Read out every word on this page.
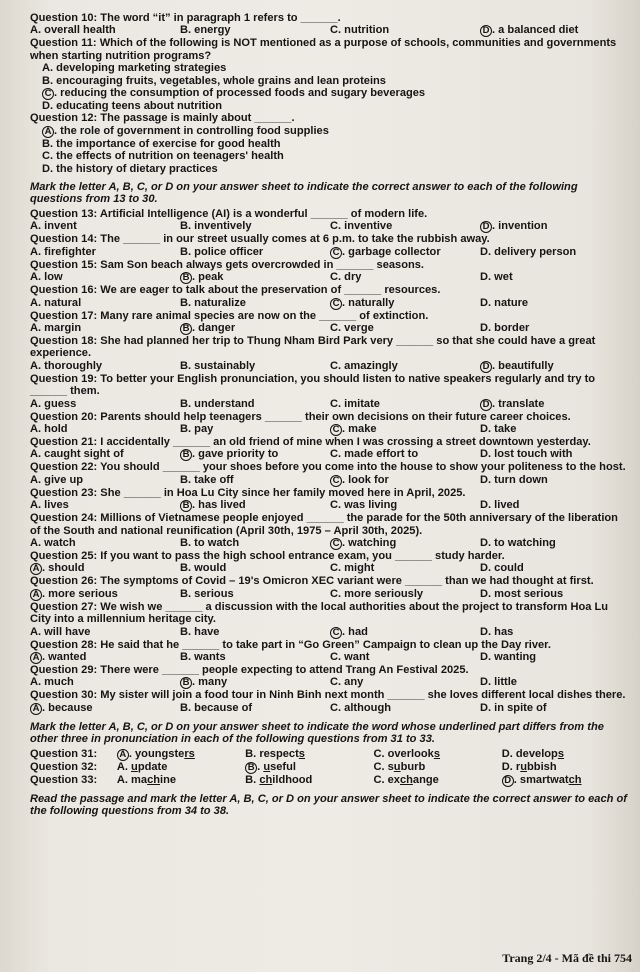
Question 10: The word “it” in paragraph 1 refers to ______.
A. overall health	B. energy	C. nutrition	D . a balanced diet
Question 11: Which of the following is NOT mentioned as a purpose of schools, communities and governments when starting nutrition programs?
A. developing marketing strategies
B. encouraging fruits, vegetables, whole grains and lean proteins
C . reducing the consumption of processed foods and sugary beverages
D. educating teens about nutrition
Question 12: The passage is mainly about ______.
A . the role of government in controlling food supplies
B. the importance of exercise for good health
C. the effects of nutrition on teenagers' health
D. the history of dietary practices
Mark the letter A, B, C, or D on your answer sheet to indicate the correct answer to each of the following questions from 13 to 30.
Question 13: Artificial Intelligence (AI) is a wonderful ______ of modern life.
A. invent	B. inventively	C. inventive	D . invention
Question 14: The ______ in our street usually comes at 6 p.m. to take the rubbish away.
A. firefighter	B. police officer	C . garbage collector	D. delivery person
Question 15: Sam Son beach always gets overcrowded in ______ seasons.
A. low	B . peak	C. dry	D. wet
Question 16: We are eager to talk about the preservation of ______ resources.
A. natural	B. naturalize	C . naturally	D. nature
Question 17: Many rare animal species are now on the ______ of extinction.
A. margin	B . danger	C. verge	D. border
Question 18: She had planned her trip to Thung Nham Bird Park very ______ so that she could have a great experience.
A. thoroughly	B. sustainably	C. amazingly	D . beautifully
Question 19: To better your English pronunciation, you should listen to native speakers regularly and try to ______ them.
A. guess	B. understand	C. imitate	D . translate
Question 20: Parents should help teenagers ______ their own decisions on their future career choices.
A. hold	B. pay	C . make	D. take
Question 21: I accidentally ______ an old friend of mine when I was crossing a street downtown yesterday.
A. caught sight of	B . gave priority to	C. made effort to	D. lost touch with
Question 22: You should ______ your shoes before you come into the house to show your politeness to the host.
A. give up	B. take off	C . look for	D. turn down
Question 23: She ______ in Hoa Lu City since her family moved here in April, 2025.
A. lives	B . has lived	C. was living	D. lived
Question 24: Millions of Vietnamese people enjoyed ______ the parade for the 50th anniversary of the liberation of the South and national reunification (April 30th, 1975 – April 30th, 2025).
A. watch	B. to watch	C . watching	D. to watching
Question 25: If you want to pass the high school entrance exam, you ______ study harder.
A . should	B. would	C. might	D. could
Question 26: The symptoms of Covid – 19's Omicron XEC variant were ______ than we had thought at first.
A . more serious	B. serious	C. more seriously	D. most serious
Question 27: We wish we ______ a discussion with the local authorities about the project to transform Hoa Lu City into a millennium heritage city.
A. will have	B. have	C . had	D. has
Question 28: He said that he ______ to take part in “Go Green” Campaign to clean up the Day river.
A . wanted	B. wants	C. want	D. wanting
Question 29: There were ______ people expecting to attend Trang An Festival 2025.
A. much	B . many	C. any	D. little
Question 30: My sister will join a food tour in Ninh Binh next month ______ she loves different local dishes there.
A . because	B. because of	C. although	D. in spite of
Mark the letter A, B, C, or D on your answer sheet to indicate the word whose underlined part differs from the other three in pronunciation in each of the following questions from 31 to 33.
Question 31:	A . youngsters	B. respects	C. overlooks	D. develops
Question 32:	A. update	B . useful	C. suburb	D. rubbish
Question 33:	A. machine	B. childhood	C. exchange	D . smartwatch
Read the passage and mark the letter A, B, C, or D on your answer sheet to indicate the correct answer to each of the following questions from 34 to 38.
Trang 2/4 - Mã đề thi 754
